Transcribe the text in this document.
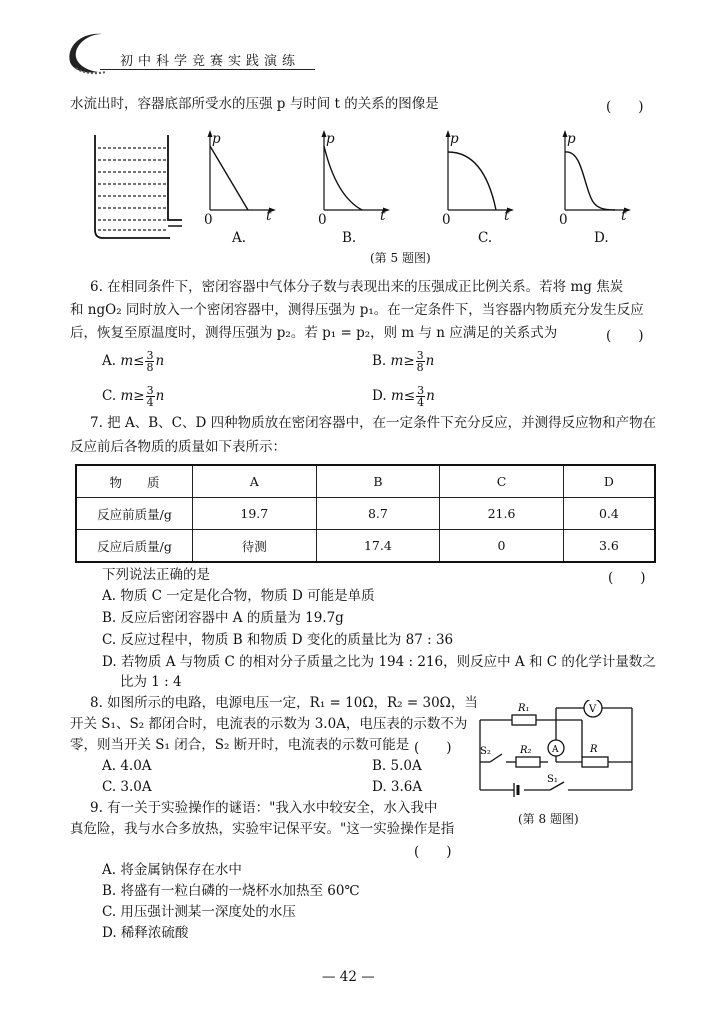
初中科学竞赛实践演练
水流出时，容器底部所受水的压强 p 与时间 t 的关系的图像是	(　　)
p
0	t
A.
p
0	t
B.
p
0	t
C.
p
0	t
D.
(第 5 题图)
6. 在相同条件下，密闭容器中气体分子数与表现出来的压强成正比例关系。若将 mg 焦炭
和 ngO₂ 同时放入一个密闭容器中，测得压强为 p₁。在一定条件下，当容器内物质充分发生反应
后，恢复至原温度时，测得压强为 p₂。若 p₁ = p₂，则 m 与 n 应满足的关系式为	(　　)
A. $m\le \frac{3}{8}$ n	B. $m\ge \frac{3}{8}$ n
C. $m\ge \frac{3}{4}$ n	D. $m\le \frac{3}{4}$ n
7. 把 A、B、C、D 四种物质放在密闭容器中，在一定条件下充分反应，并测得反应物和产物在
反应前后各物质的质量如下表所示：
物　　质	A	B	C	D
反应前质量/g	19.7	8.7	21.6	0.4
反应后质量/g	待测	17.4	0	3.6
下列说法正确的是	(　　)
A. 物质 C 一定是化合物，物质 D 可能是单质
B. 反应后密闭容器中 A 的质量为 19.7g
C. 反应过程中，物质 B 和物质 D 变化的质量比为 87 : 36
D. 若物质 A 与物质 C 的相对分子质量之比为 194 : 216，则反应中 A 和 C 的化学计量数之
比为 1 : 4
8. 如图所示的电路，电源电压一定，R₁ = 10Ω，R₂ = 30Ω，当
开关 S₁、S₂ 都闭合时，电流表的示数为 3.0A，电压表的示数不为
零，则当开关 S₁ 闭合，S₂ 断开时，电流表的示数可能是 (　　)
A. 4.0A	B. 5.0A
C. 3.0A	D. 3.6A
R₁	V
A
R₂	R
S₂
S₁
(第 8 题图)
9. 有一关于实验操作的谜语："我入水中较安全，水入我中
真危险，我与水合多放热，实验牢记保平安。"这一实验操作是指
(　　)
A. 将金属钠保存在水中
B. 将盛有一粒白磷的一烧杯水加热至 60℃
C. 用压强计测某一深度处的水压
D. 稀释浓硫酸
— 42 —
